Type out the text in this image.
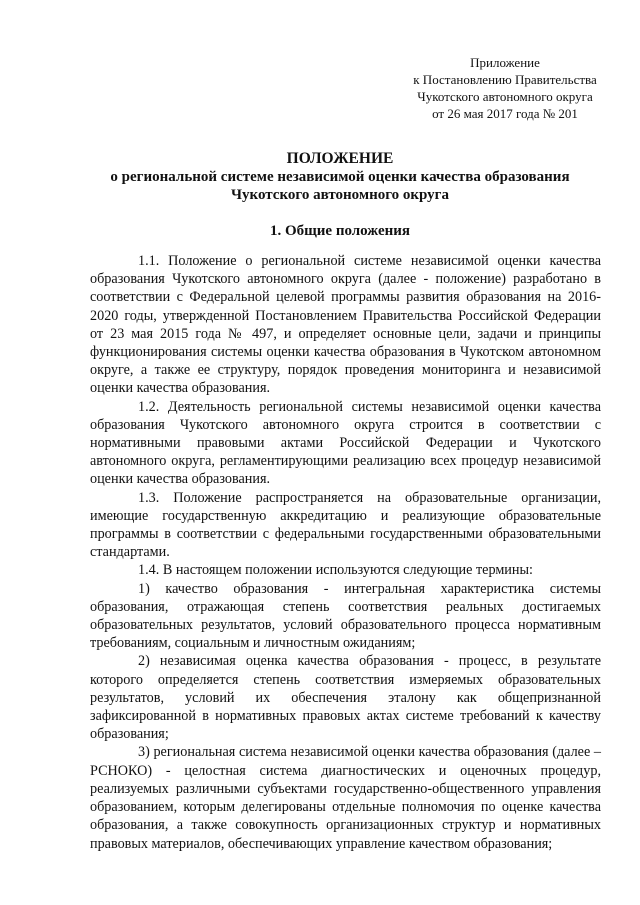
Приложение
к Постановлению Правительства
Чукотского автономного округа
от 26 мая 2017 года № 201
ПОЛОЖЕНИЕ
о региональной системе независимой оценки качества образования
Чукотского автономного округа
1. Общие положения

1.1. Положение о региональной системе независимой оценки качества образования Чукотского автономного округа (далее - положение) разработано в соответствии с Федеральной целевой программы развития образования на 2016-2020 годы, утвержденной Постановлением Правительства Российской Федерации от 23 мая 2015 года № 497, и определяет основные цели, задачи и принципы функционирования системы оценки качества образования в Чукотском автономном округе, а также ее структуру, порядок проведения мониторинга и независимой оценки качества образования.

1.2. Деятельность региональной системы независимой оценки качества образования Чукотского автономного округа строится в соответствии с нормативными правовыми актами Российской Федерации и Чукотского автономного округа, регламентирующими реализацию всех процедур независимой оценки качества образования.

1.3. Положение распространяется на образовательные организации, имеющие государственную аккредитацию и реализующие образовательные программы в соответствии с федеральными государственными образовательными стандартами.

1.4. В настоящем положении используются следующие термины:

1) качество образования - интегральная характеристика системы образования, отражающая степень соответствия реальных достигаемых образовательных результатов, условий образовательного процесса нормативным требованиям, социальным и личностным ожиданиям;

2) независимая оценка качества образования - процесс, в результате которого определяется степень соответствия измеряемых образовательных результатов, условий их обеспечения эталону как общепризнанной зафиксированной в нормативных правовых актах системе требований к качеству образования;

3) региональная система независимой оценки качества образования (далее – РСНОКО) - целостная система диагностических и оценочных процедур, реализуемых различными субъектами государственно-общественного управления образованием, которым делегированы отдельные полномочия по оценке качества образования, а также совокупность организационных структур и нормативных правовых материалов, обеспечивающих управление качеством образования;
